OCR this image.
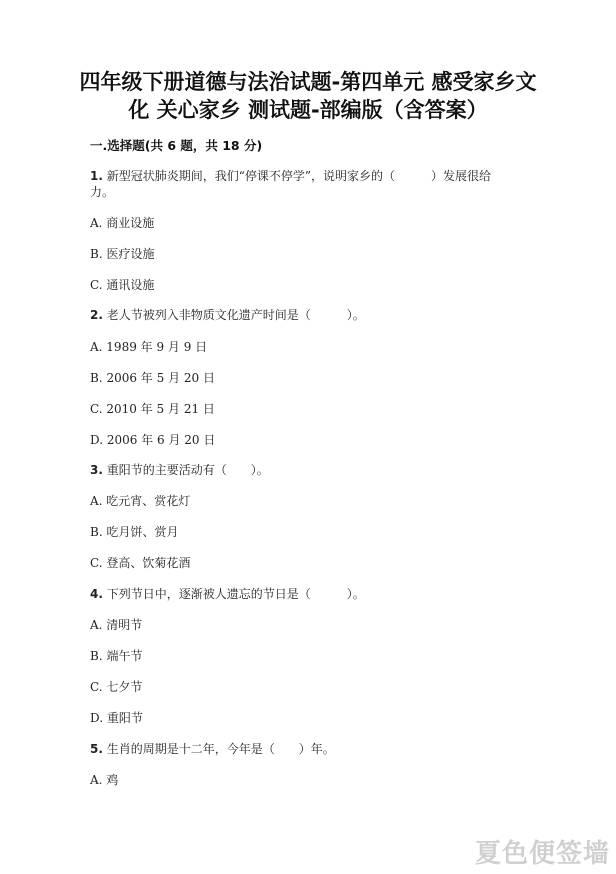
四年级下册道德与法治试题-第四单元 感受家乡文
化 关心家乡 测试题-部编版（含答案）
一.选择题(共 6 题，共 18 分)
1. 新型冠状肺炎期间，我们“停课不停学”，说明家乡的（　　　）发展很给
力。
A. 商业设施
B. 医疗设施
C. 通讯设施
2. 老人节被列入非物质文化遗产时间是（　　　）。
A. 1989 年 9 月 9 日
B. 2006 年 5 月 20 日
C. 2010 年 5 月 21 日
D. 2006 年 6 月 20 日
3. 重阳节的主要活动有（　　）。
A. 吃元宵、赏花灯
B. 吃月饼、赏月
C. 登高、饮菊花酒
4. 下列节日中，逐渐被人遗忘的节日是（　　　）。
A. 清明节
B. 端午节
C. 七夕节
D. 重阳节
5. 生肖的周期是十二年，今年是（　　）年。
A. 鸡
夏色便签墙
